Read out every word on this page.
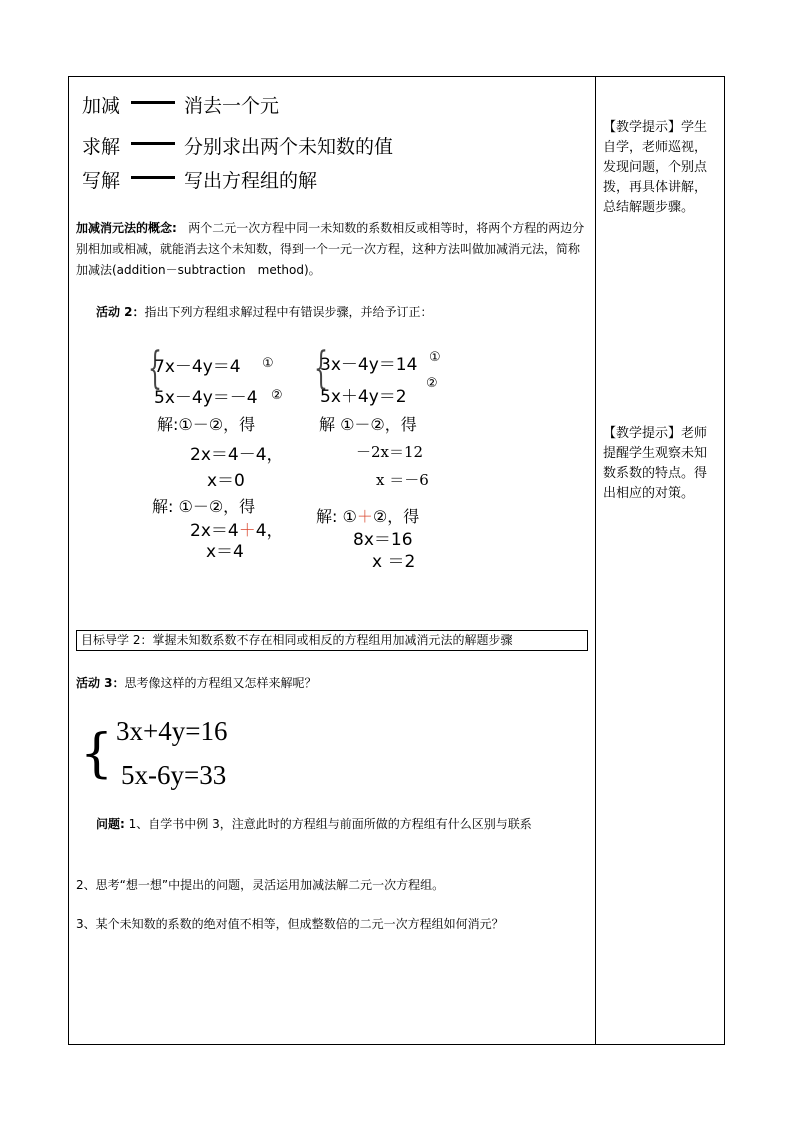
加减	消去一个元
求解	分别求出两个未知数的值
写解	写出方程组的解
加减消元法的概念: 两个二元一次方程中同一未知数的系数相反或相等时，将两个方程的两边分别相加或相减，就能消去这个未知数，得到一个一元一次方程，这种方法叫做加减消元法，简称加减法(addition－subtraction　method)。
活动 2：指出下列方程组求解过程中有错误步骤，并给予订正：
{
7x－4y＝4 ①
5x－4y＝－4 ②
解:①－②，得
2x＝4－4，
x＝0
解: ①－②，得
2x＝4＋4，
x＝4
{
3x－4y＝14 ①
5x＋4y＝2
②
解 ①－②，得
－2x＝12
x ＝－6
解: ①＋②，得
8x＝16
x ＝2
目标导学 2：掌握未知数系数不存在相同或相反的方程组用加减消元法的解题步骤
活动 3：思考像这样的方程组又怎样来解呢？
{ 3x+4y=16
5x-6y=33
问题: 1、自学书中例 3，注意此时的方程组与前面所做的方程组有什么区别与联系
2、思考“想一想”中提出的问题，灵活运用加减法解二元一次方程组。
3、某个未知数的系数的绝对值不相等，但成整数倍的二元一次方程组如何消元？
【教学提示】学生自学，老师巡视，发现问题，个别点拨，再具体讲解，总结解题步骤。
【教学提示】老师提醒学生观察未知数系数的特点。得出相应的对策。
